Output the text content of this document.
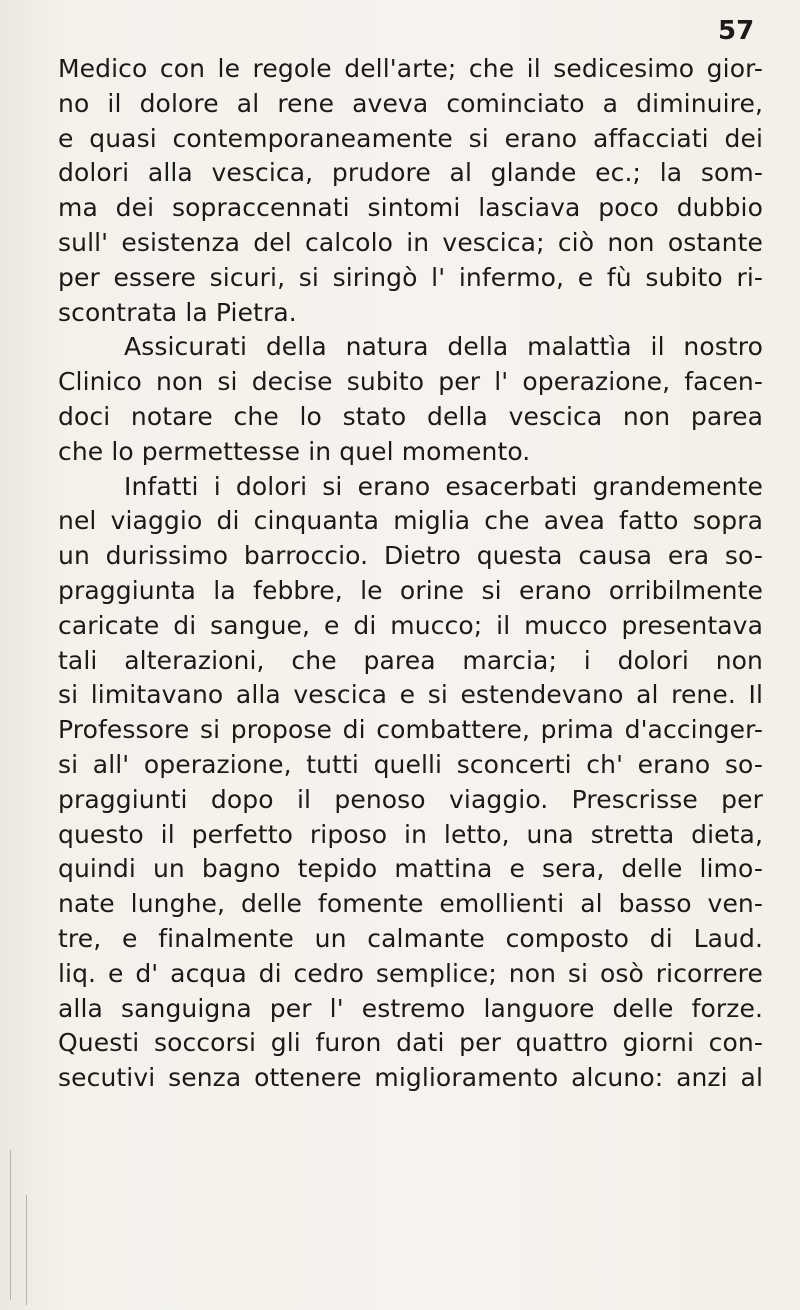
57
Medico con le regole dell'arte; che il sedicesimo gior-
no il dolore al rene aveva cominciato a diminuire,
e quasi contemporaneamente si erano affacciati dei
dolori alla vescica, prudore al glande ec.; la som-
ma dei sopraccennati sintomi lasciava poco dubbio
sull' esistenza del calcolo in vescica; ciò non ostante
per essere sicuri, si siringò l' infermo, e fù subito ri-
scontrata la Pietra.
Assicurati della natura della malattìa il nostro
Clinico non si decise subito per l' operazione, facen-
doci notare che lo stato della vescica non parea
che lo permettesse in quel momento.
Infatti i dolori si erano esacerbati grandemente
nel viaggio di cinquanta miglia che avea fatto sopra
un durissimo barroccio. Dietro questa causa era so-
praggiunta la febbre, le orine si erano orribilmente
caricate di sangue, e di mucco; il mucco presentava
tali alterazioni, che parea marcia; i dolori non
si limitavano alla vescica e si estendevano al rene. Il
Professore si propose di combattere, prima d'accinger-
si all' operazione, tutti quelli sconcerti ch' erano so-
praggiunti dopo il penoso viaggio. Prescrisse per
questo il perfetto riposo in letto, una stretta dieta,
quindi un bagno tepido mattina e sera, delle limo-
nate lunghe, delle fomente emollienti al basso ven-
tre, e finalmente un calmante composto di Laud.
liq. e d' acqua di cedro semplice; non si osò ricorrere
alla sanguigna per l' estremo languore delle forze.
Questi soccorsi gli furon dati per quattro giorni con-
secutivi senza ottenere miglioramento alcuno: anzi al
